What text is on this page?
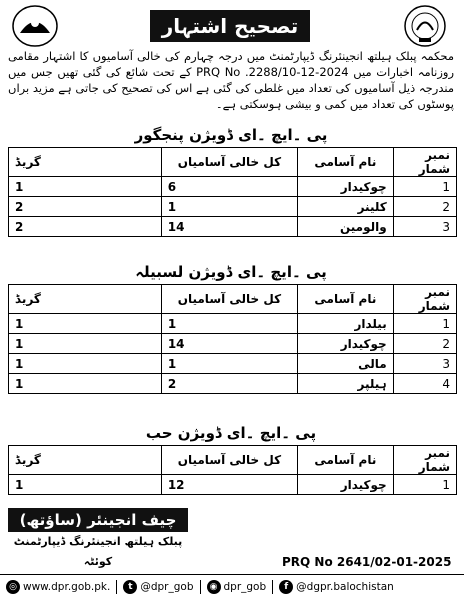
تصحیح اشتہار
محکمہ پبلک ہیلتھ انجینئرنگ ڈیپارٹمنٹ میں درجہ چہارم کی خالی آسامیوں کا اشتہار مقامی روزنامہ اخبارات میں PRQ No .2288/10-12-2024 کے تحت شائع کی گئی تھیں جس میں مندرجہ ذیل آسامیوں کی تعداد میں غلطی کی گئی ہے اس کی تصحیح کی جاتی ہے مزید براں پوسٹوں کی تعداد میں کمی و بیشی ہوسکتی ہے۔
پی ۔ایچ ۔ای ڈویژن پنجگور
نمبر شمار	نام آسامی	کل خالی آسامیاں	گریڈ
1	چوکیدار	6	1
2	کلینر	1	2
3	والومین	14	2
پی ۔ایچ ۔ای ڈویژن لسبیلہ
نمبر شمار	نام آسامی	کل خالی آسامیاں	گریڈ
1	بیلدار	1	1
2	چوکیدار	14	1
3	مالی	1	1
4	ہیلپر	2	1
پی ۔ایچ ۔ای ڈویژن حب
نمبر شمار	نام آسامی	کل خالی آسامیاں	گریڈ
1	چوکیدار	12	1
چیف انجینئر (ساؤتھ)
پبلک ہیلتھ انجینئرنگ ڈیپارٹمنٹ کوئٹہ	PRQ No 2641/02-01-2025
◎ www.dpr.gob.pk.	t @dpr_gob	◉ dpr_gob	f @dgpr.balochistan
